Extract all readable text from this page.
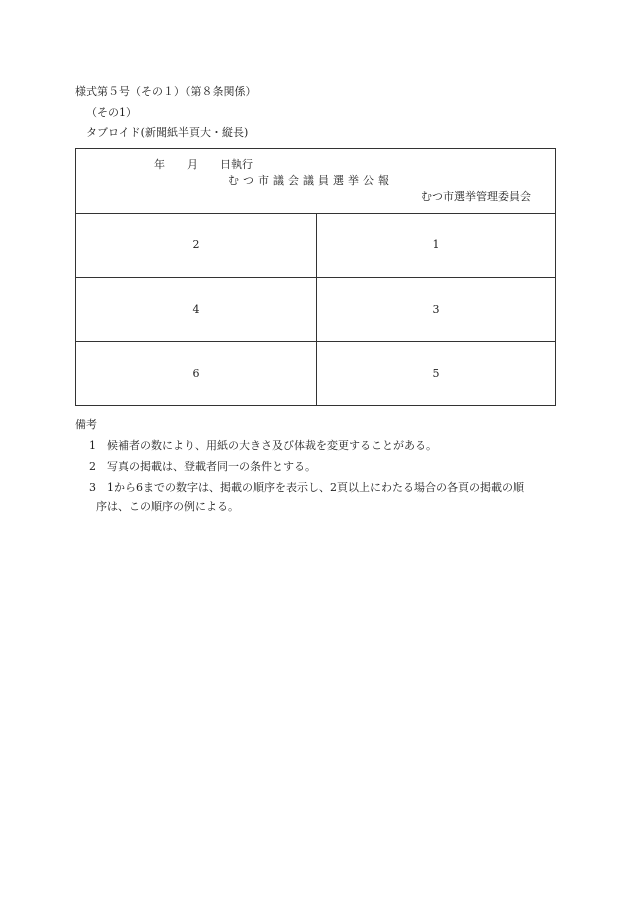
様式第５号（その１）（第８条関係）
（その1）
タブロイド(新聞紙半頁大・縦長)
年　　月　　日執行
むつ市議会議員選挙公報
むつ市選挙管理委員会
2	1
4	3
6	5
備考
1 候補者の数により、用紙の大きさ及び体裁を変更することがある。
2 写真の掲載は、登載者同一の条件とする。
3 1から6までの数字は、掲載の順序を表示し、2頁以上にわたる場合の各頁の掲載の順
序は、この順序の例による。
